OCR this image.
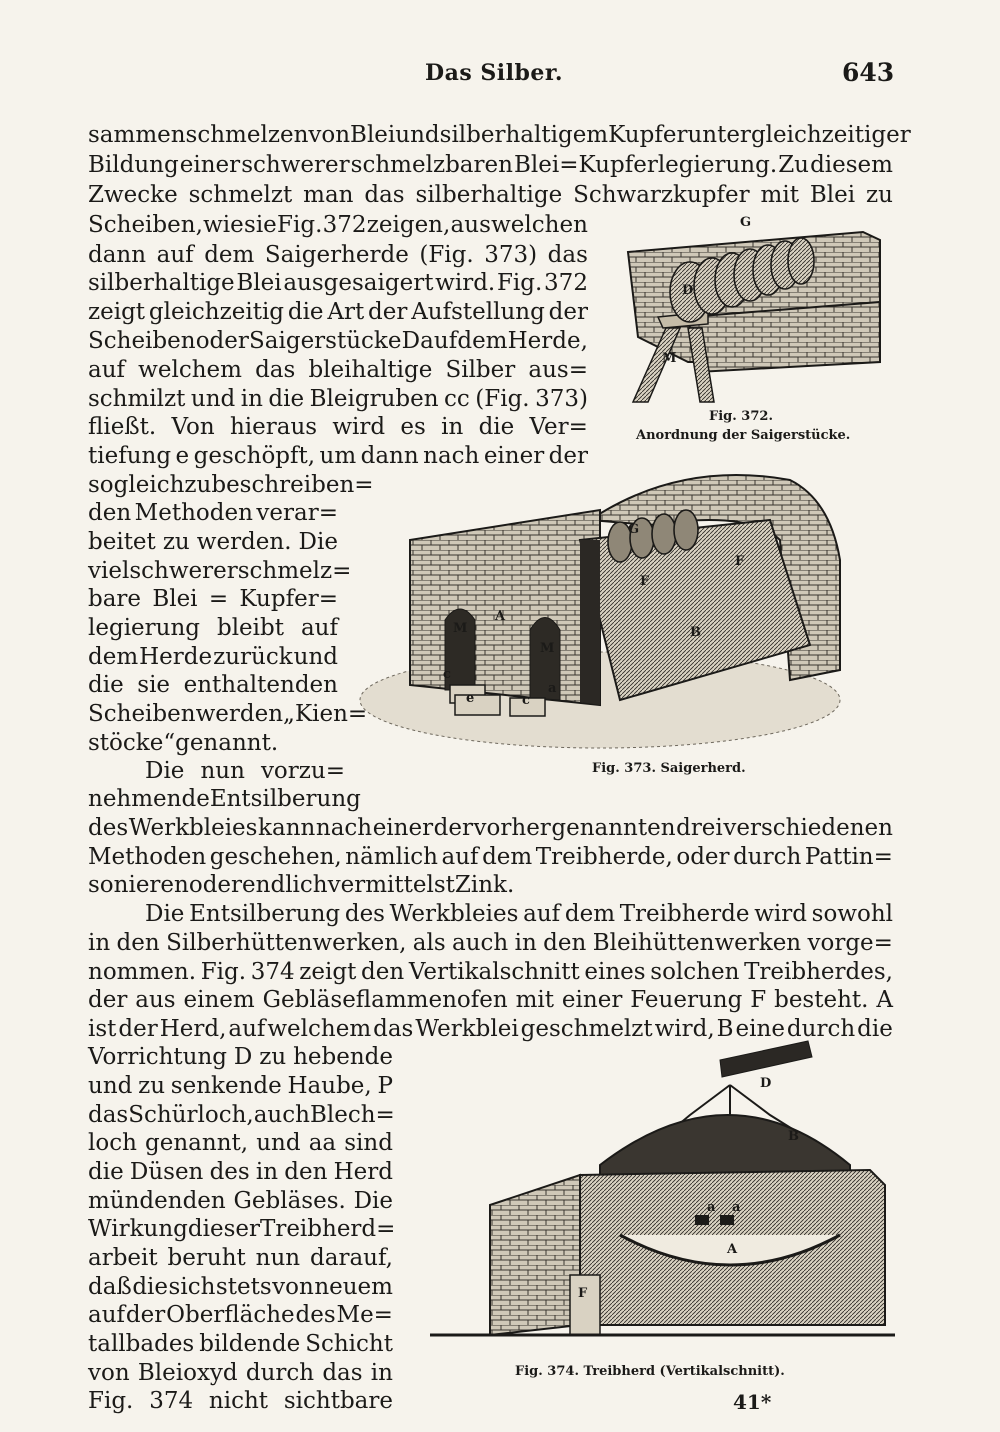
Das Silber.	643
sammenschmelzen von Blei und silberhaltigem Kupfer unter gleichzeitiger
Bildung einer schwerer schmelzbaren Blei=Kupferlegierung. Zu diesem
Zwecke schmelzt man das silberhaltige Schwarzkupfer mit Blei zu
Scheiben, wie sie Fig. 372 zeigen, aus welchen
dann auf dem Saigerherde (Fig. 373) das
silberhaltige Blei ausgesaigert wird. Fig. 372
zeigt gleichzeitig die Art der Aufstellung der
Scheiben oder Saigerstücke D auf dem Herde,
auf welchem das bleihaltige Silber aus=
schmilzt und in die Bleigruben cc (Fig. 373)
fließt. Von hieraus wird es in die Ver=
tiefung e geschöpft, um dann nach einer der
sogleich zu beschreiben=
den Methoden verar=
beitet zu werden. Die
viel schwerer schmelz=
bare Blei = Kupfer=
legierung bleibt auf
dem Herde zurück und
die sie enthaltenden
Scheiben werden „Kien=
stöcke“ genannt.
Die nun vorzu=
nehmende Entsilberung
des Werkbleies kann nach einer der vorher genannten drei verschiedenen
Methoden geschehen, nämlich auf dem Treibherde, oder durch Pattin=
sonieren oder endlich vermittelst Zink.
Die Entsilberung des Werkbleies auf dem Treibherde wird sowohl
in den Silberhüttenwerken, als auch in den Bleihüttenwerken vorge=
nommen. Fig. 374 zeigt den Vertikalschnitt eines solchen Treibherdes,
der aus einem Gebläseflammenofen mit einer Feuerung F besteht. A
ist der Herd, auf welchem das Werkblei geschmelzt wird, B eine durch die
Vorrichtung D zu hebende
und zu senkende Haube, P
das Schürloch, auch Blech=
loch genannt, und aa sind
die Düsen des in den Herd
mündenden Gebläses. Die
Wirkung dieser Treibherd=
arbeit beruht nun darauf,
daß die sich stets von neuem
auf der Oberfläche des Me=
tallbades bildende Schicht
von Bleioxyd durch das in
Fig. 374 nicht sichtbare
G
M
D
Fig. 372.
Anordnung der Saigerstücke.
G
F
F
B
M
M
A
a
c
c
e
Fig. 373. Saigerherd.
D
B
a a
A
F
Fig. 374. Treibherd (Vertikalschnitt).
41*
